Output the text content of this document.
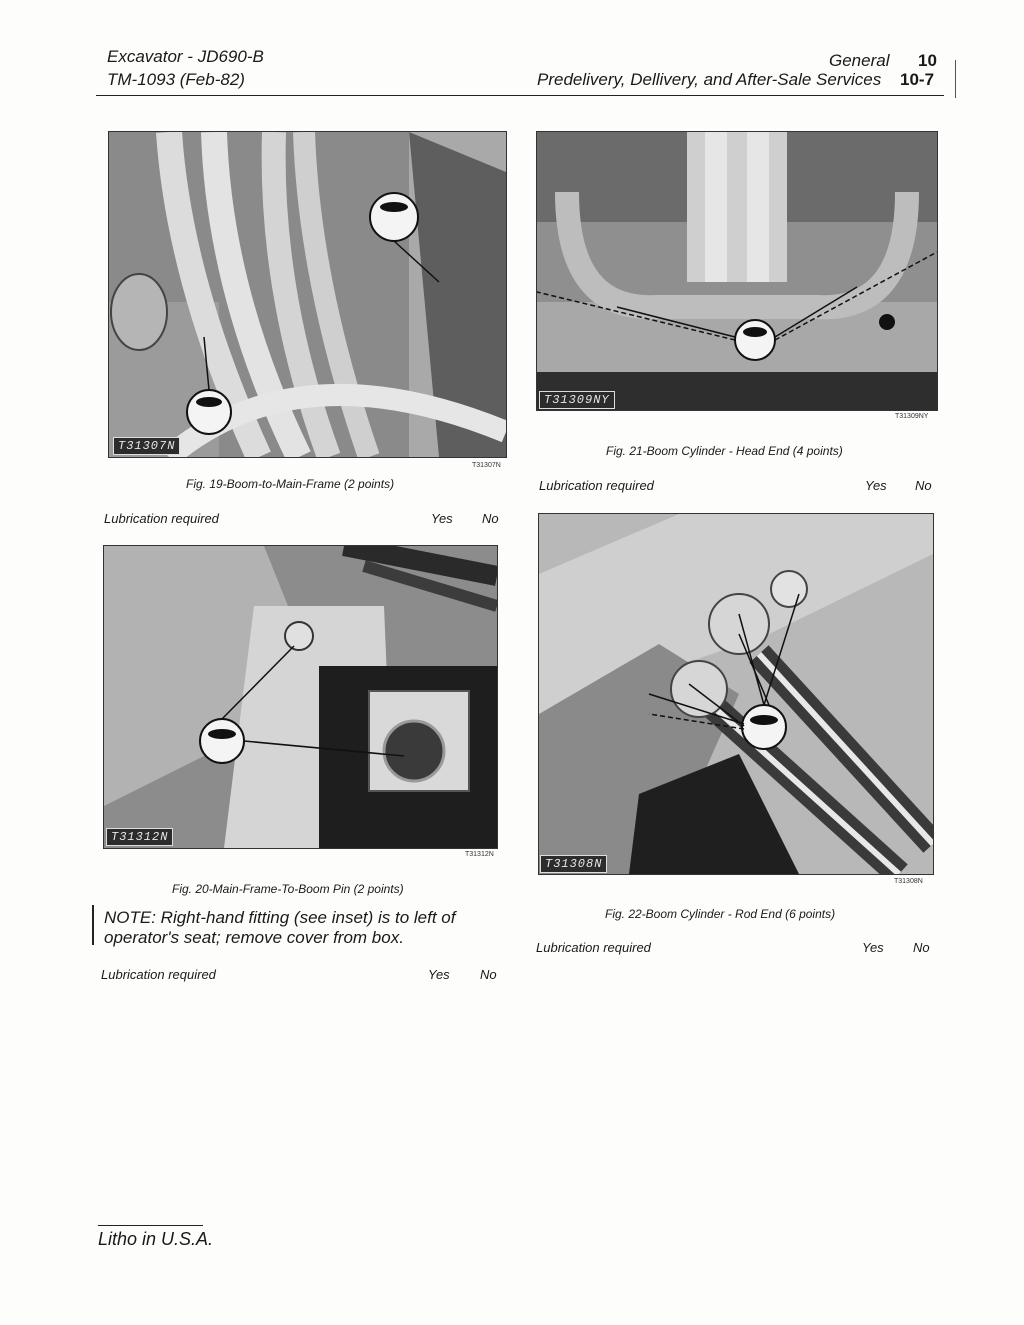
Excavator - JD690-B
TM-1093 (Feb-82)
General 10
Predelivery, Dellivery, and After-Sale Services 10-7
T31307N
T31307N
Fig. 19-Boom-to-Main-Frame (2 points)
Lubrication required	Yes No
T31309NY
T31309NY
Fig. 21-Boom Cylinder - Head End (4 points)
Lubrication required	Yes No
T31312N
T31312N
Fig. 20-Main-Frame-To-Boom Pin (2 points)
NOTE: Right-hand fitting (see inset) is to left of operator's seat; remove cover from box.
Lubrication required	Yes No
T31308N
T31308N
Fig. 22-Boom Cylinder - Rod End (6 points)
Lubrication required	Yes No
Litho in U.S.A.
